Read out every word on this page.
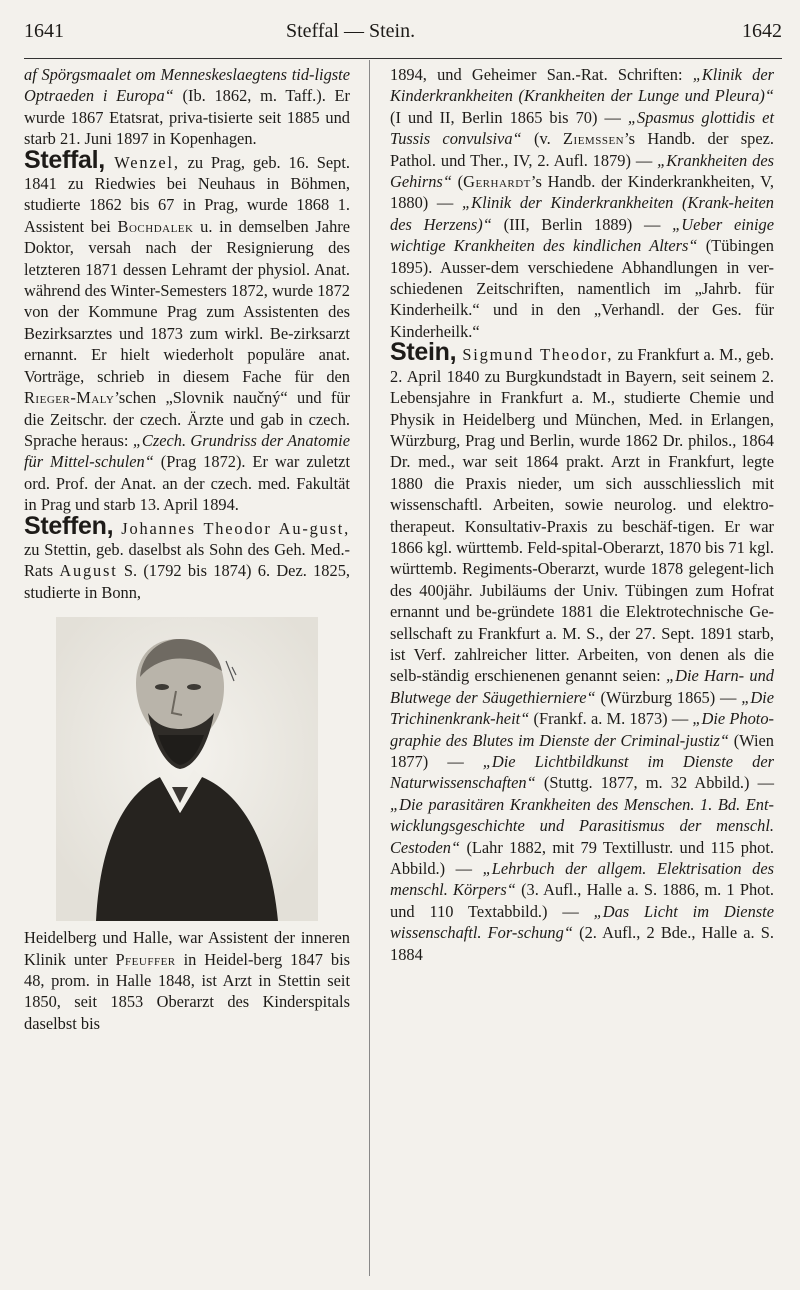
1641	Steffal — Stein.	1642

af Spörgsmaalet om Menneskeslaegtens tid-ligste Optraeden i Europa“ (Ib. 1862, m. Taff.). Er wurde 1867 Etatsrat, priva-tisierte seit 1885 und starb 21. Juni 1897 in Kopenhagen.

Steffal, Wenzel, zu Prag, geb. 16. Sept. 1841 zu Riedwies bei Neuhaus in Böhmen, studierte 1862 bis 67 in Prag, wurde 1868 1. Assistent bei Bochdalek u. in demselben Jahre Doktor, versah nach der Resignierung des letzteren 1871 dessen Lehramt der physiol. Anat. während des Winter-Semesters 1872, wurde 1872 von der Kommune Prag zum Assistenten des Bezirksarztes und 1873 zum wirkl. Be-zirksarzt ernannt. Er hielt wiederholt populäre anat. Vorträge, schrieb in diesem Fache für den Rieger-Maly’schen „Slovnik naučný“ und für die Zeitschr. der czech. Ärzte und gab in czech. Sprache heraus: „Czech. Grundriss der Anatomie für Mittel-schulen“ (Prag 1872). Er war zuletzt ord. Prof. der Anat. an der czech. med. Fakultät in Prag und starb 13. April 1894.

Steffen, Johannes Theodor Au-gust, zu Stettin, geb. daselbst als Sohn des Geh. Med.-Rats August S. (1792 bis 1874) 6. Dez. 1825, studierte in Bonn,

Heidelberg und Halle, war Assistent der inneren Klinik unter Pfeuffer in Heidel-berg 1847 bis 48, prom. in Halle 1848, ist Arzt in Stettin seit 1850, seit 1853 Oberarzt des Kinderspitals daselbst bis

1894, und Geheimer San.-Rat. Schriften: „Klinik der Kinderkrankheiten (Krankheiten der Lunge und Pleura)“ (I und II, Berlin 1865 bis 70) — „Spasmus glottidis et Tussis convulsiva“ (v. Ziemssen’s Handb. der spez. Pathol. und Ther., IV, 2. Aufl. 1879) — „Krankheiten des Gehirns“ (Gerhardt’s Handb. der Kinderkrankheiten, V, 1880) — „Klinik der Kinderkrankheiten (Krank-heiten des Herzens)“ (III, Berlin 1889) — „Ueber einige wichtige Krankheiten des kindlichen Alters“ (Tübingen 1895). Ausser-dem verschiedene Abhandlungen in ver-schiedenen Zeitschriften, namentlich im „Jahrb. für Kinderheilk.“ und in den „Verhandl. der Ges. für Kinderheilk.“

Stein, Sigmund Theodor, zu Frankfurt a. M., geb. 2. April 1840 zu Burgkundstadt in Bayern, seit seinem 2. Lebensjahre in Frankfurt a. M., studierte Chemie und Physik in Heidelberg und München, Med. in Erlangen, Würzburg, Prag und Berlin, wurde 1862 Dr. philos., 1864 Dr. med., war seit 1864 prakt. Arzt in Frankfurt, legte 1880 die Praxis nieder, um sich ausschliesslich mit wissenschaftl. Arbeiten, sowie neurolog. und elektro-therapeut. Konsultativ-Praxis zu beschäf-tigen. Er war 1866 kgl. württemb. Feld-spital-Oberarzt, 1870 bis 71 kgl. württemb. Regiments-Oberarzt, wurde 1878 gelegent-lich des 400jähr. Jubiläums der Univ. Tübingen zum Hofrat ernannt und be-gründete 1881 die Elektrotechnische Ge-sellschaft zu Frankfurt a. M. S., der 27. Sept. 1891 starb, ist Verf. zahlreicher litter. Arbeiten, von denen als die selb-ständig erschienenen genannt seien: „Die Harn- und Blutwege der Säugethierniere“ (Würzburg 1865) — „Die Trichinenkrank-heit“ (Frankf. a. M. 1873) — „Die Photo-graphie des Blutes im Dienste der Criminal-justiz“ (Wien 1877) — „Die Lichtbildkunst im Dienste der Naturwissenschaften“ (Stuttg. 1877, m. 32 Abbild.) — „Die parasitären Krankheiten des Menschen. 1. Bd. Ent-wicklungsgeschichte und Parasitismus der menschl. Cestoden“ (Lahr 1882, mit 79 Textillustr. und 115 phot. Abbild.) — „Lehrbuch der allgem. Elektrisation des menschl. Körpers“ (3. Aufl., Halle a. S. 1886, m. 1 Phot. und 110 Textabbild.) — „Das Licht im Dienste wissenschaftl. For-schung“ (2. Aufl., 2 Bde., Halle a. S. 1884
